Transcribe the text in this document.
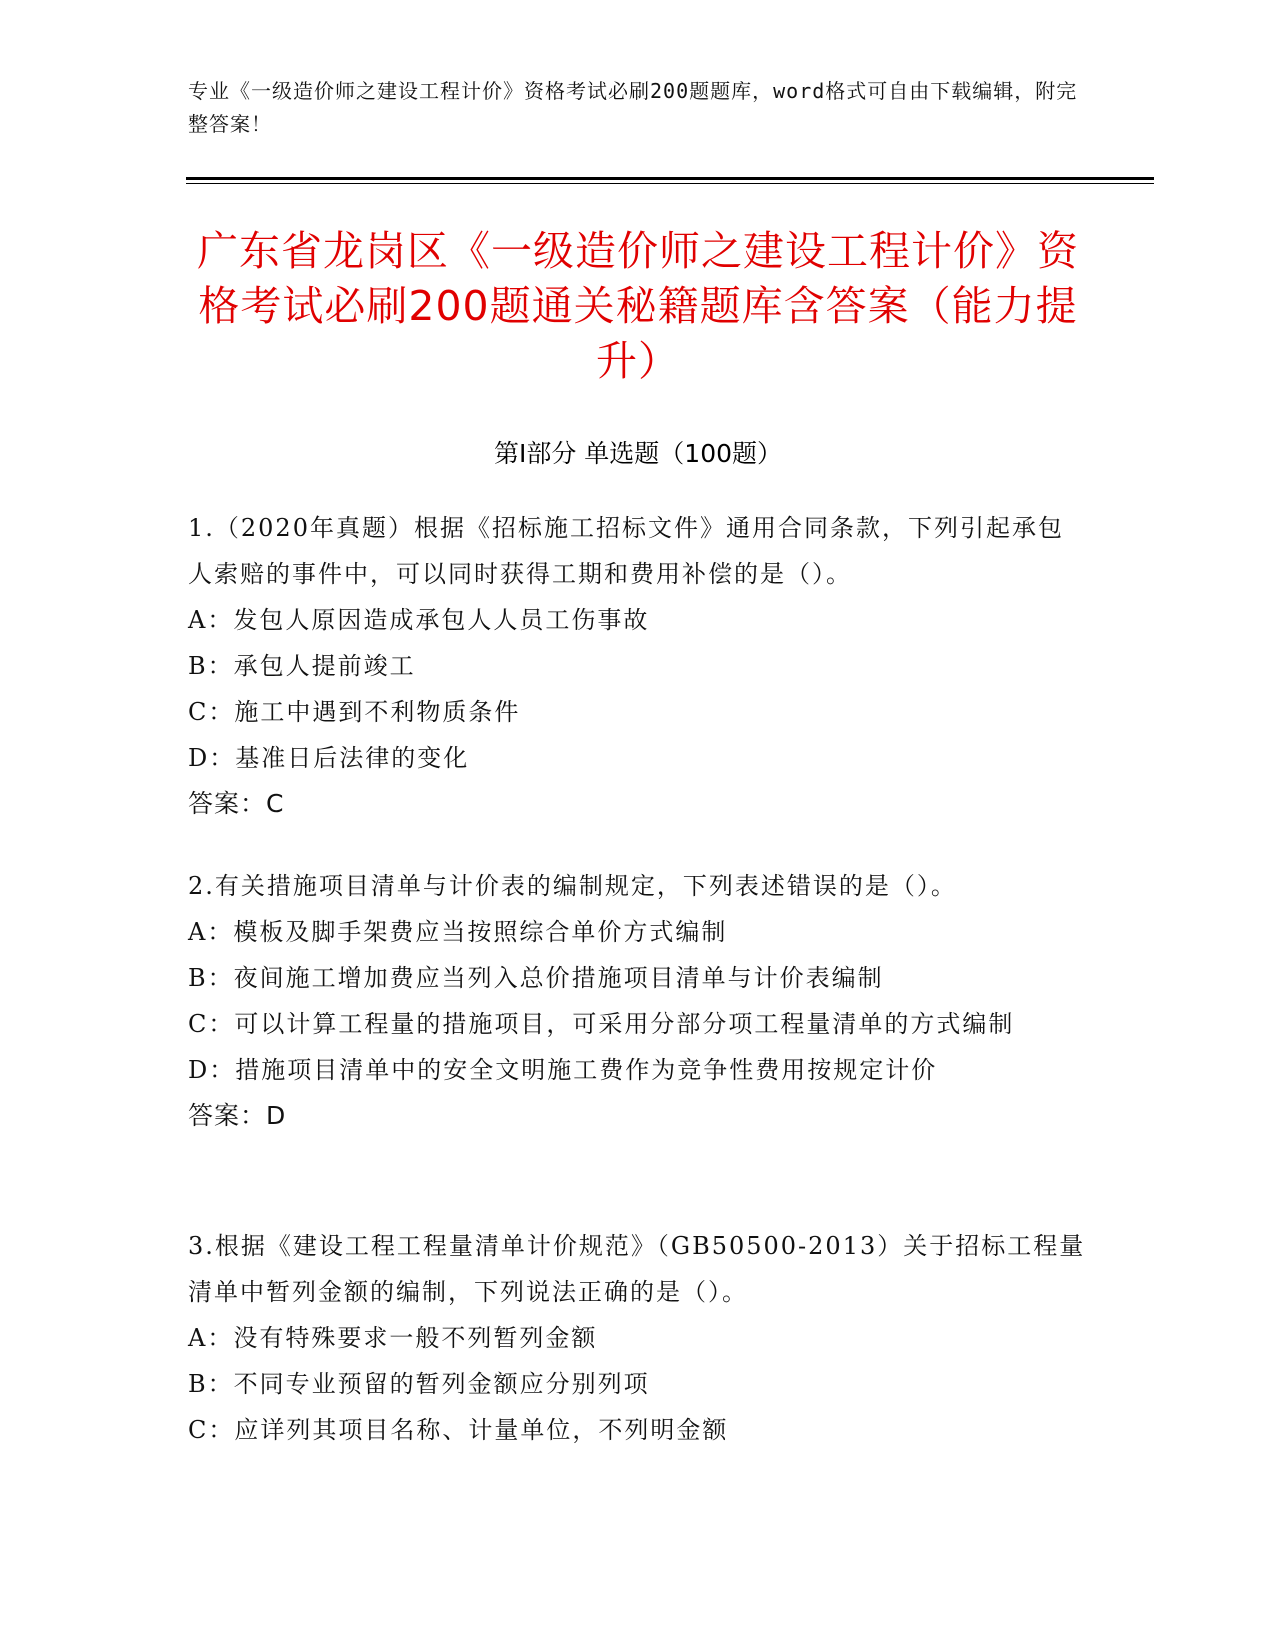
专业《一级造价师之建设工程计价》资格考试必刷200题题库，word格式可自由下载编辑，附完整答案！
广东省龙岗区《一级造价师之建设工程计价》资格考试必刷200题通关秘籍题库含答案（能力提升）
第I部分 单选题（100题）
1.（2020年真题）根据《招标施工招标文件》通用合同条款，下列引起承包人索赔的事件中，可以同时获得工期和费用补偿的是（）。
A：发包人原因造成承包人人员工伤事故
B：承包人提前竣工
C：施工中遇到不利物质条件
D：基准日后法律的变化
答案：C
2.有关措施项目清单与计价表的编制规定，下列表述错误的是（）。
A：模板及脚手架费应当按照综合单价方式编制
B：夜间施工增加费应当列入总价措施项目清单与计价表编制
C：可以计算工程量的措施项目，可采用分部分项工程量清单的方式编制
D：措施项目清单中的安全文明施工费作为竞争性费用按规定计价
答案：D
3.根据《建设工程工程量清单计价规范》（GB50500-2013）关于招标工程量清单中暂列金额的编制，下列说法正确的是（）。
A：没有特殊要求一般不列暂列金额
B：不同专业预留的暂列金额应分别列项
C：应详列其项目名称、计量单位，不列明金额
